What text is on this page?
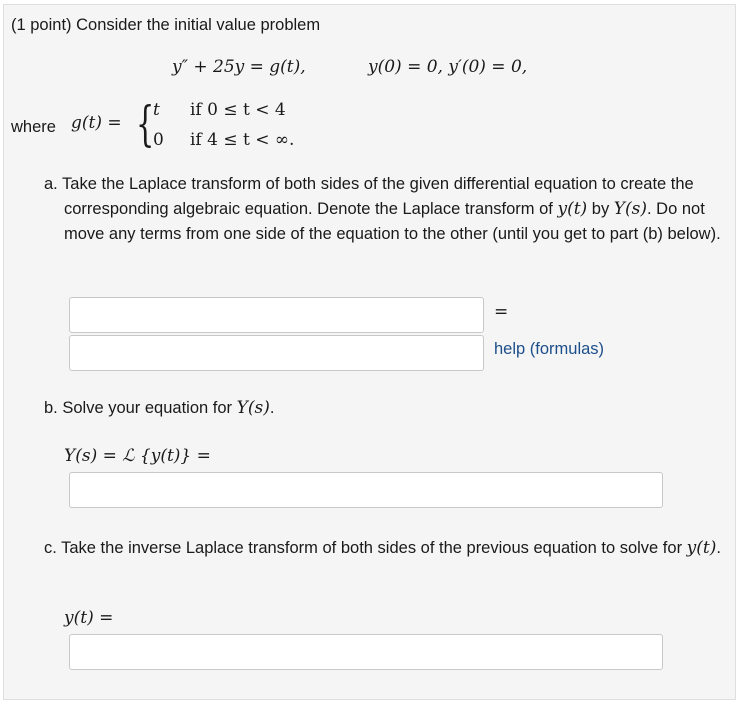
(1 point) Consider the initial value problem
y″ + 25y = g(t),	y(0) = 0, y′(0) = 0,
where g(t) = {
t if 0 ≤ t < 4
0 if 4 ≤ t < ∞.
a. Take the Laplace transform of both sides of the given differential equation to create the corresponding algebraic equation. Denote the Laplace transform of y(t) by Y(s). Do not move any terms from one side of the equation to the other (until you get to part (b) below).
=
help (formulas)
b. Solve your equation for Y(s).
Y(s) = ℒ {y(t)} =
c. Take the inverse Laplace transform of both sides of the previous equation to solve for y(t).
y(t) =
